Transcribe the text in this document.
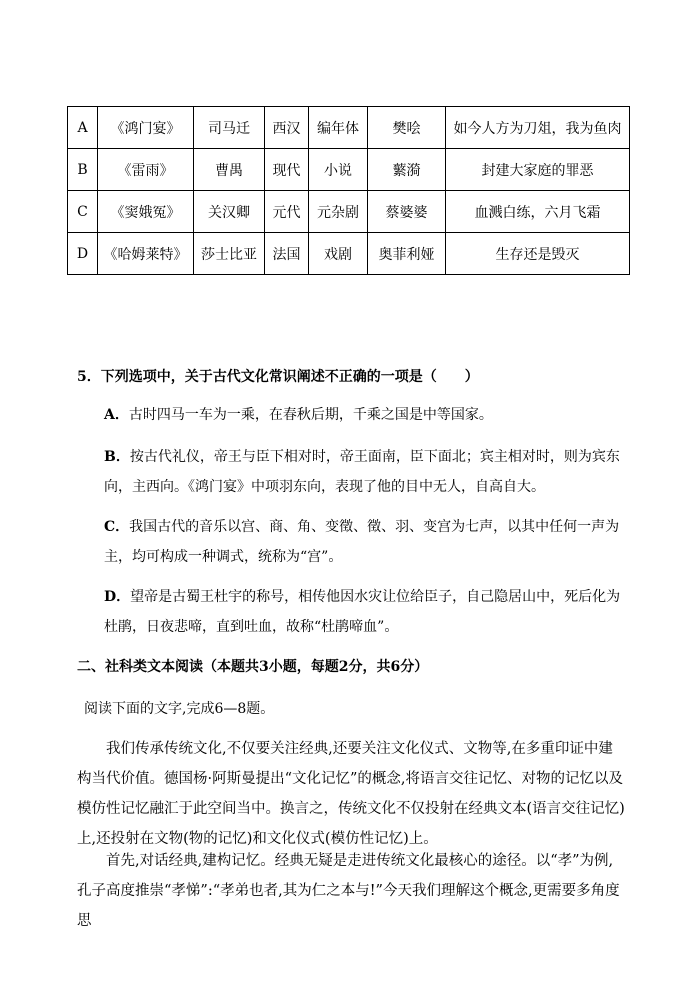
A	《鸿门宴》	司马迁	西汉	编年体	樊哙	如今人方为刀俎，我为鱼肉
B	《雷雨》	曹禺	现代	小说	蘩漪	封建大家庭的罪恶
C	《窦娥冤》	关汉卿	元代	元杂剧	蔡婆婆	血溅白练，六月飞霜
D	《哈姆莱特》	莎士比亚	法国	戏剧	奥菲利娅	生存还是毁灭
5．下列选项中，关于古代文化常识阐述不正确的一项是（　　）
A．古时四马一车为一乘，在春秋后期，千乘之国是中等国家。
B．按古代礼仪，帝王与臣下相对时，帝王面南，臣下面北；宾主相对时，则为宾东向，主西向。《鸿门宴》中项羽东向，表现了他的目中无人，自高自大。
C．我国古代的音乐以宫、商、角、变徵、徵、羽、变宫为七声，以其中任何一声为主，均可构成一种调式，统称为“宫”。
D．望帝是古蜀王杜宇的称号，相传他因水灾让位给臣子，自己隐居山中，死后化为杜鹃，日夜悲啼，直到吐血，故称“杜鹃啼血”。
二、社科类文本阅读（本题共3小题，每题2分，共6分）
阅读下面的文字,完成6—8题。
我们传承传统文化,不仅要关注经典,还要关注文化仪式、文物等,在多重印证中建构当代价值。德国杨·阿斯曼提出“文化记忆”的概念,将语言交往记忆、对物的记忆以及模仿性记忆融汇于此空间当中。换言之，传统文化不仅投射在经典文本(语言交往记忆)上,还投射在文物(物的记忆)和文化仪式(模仿性记忆)上。
首先,对话经典,建构记忆。经典无疑是走进传统文化最核心的途径。以“孝”为例,孔子高度推崇“孝悌”:“孝弟也者,其为仁之本与!”今天我们理解这个概念,更需要多角度思
